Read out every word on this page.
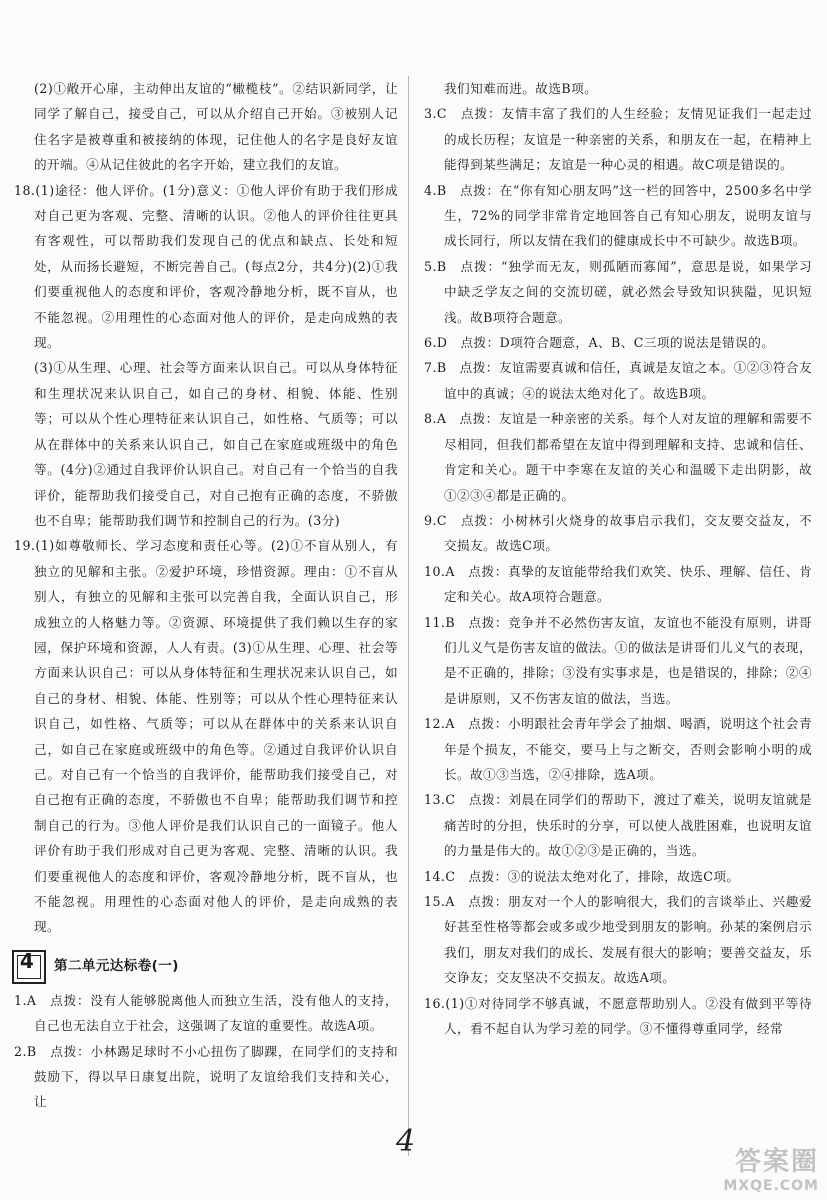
(2)①敞开心扉，主动伸出友谊的“橄榄枝”。②结识新同学，让同学了解自己，接受自己，可以从介绍自己开始。③被别人记住名字是被尊重和被接纳的体现，记住他人的名字是良好友谊的开端。④从记住彼此的名字开始，建立我们的友谊。

18.(1)途径：他人评价。(1分)意义：①他人评价有助于我们形成对自己更为客观、完整、清晰的认识。②他人的评价往往更具有客观性，可以帮助我们发现自己的优点和缺点、长处和短处，从而扬长避短，不断完善自己。(每点2分，共4分)(2)①我们要重视他人的态度和评价，客观冷静地分析，既不盲从，也不能忽视。②用理性的心态面对他人的评价，是走向成熟的表现。

(3)①从生理、心理、社会等方面来认识自己。可以从身体特征和生理状况来认识自己，如自己的身材、相貌、体能、性别等；可以从个性心理特征来认识自己，如性格、气质等；可以从在群体中的关系来认识自己，如自己在家庭或班级中的角色等。(4分)②通过自我评价认识自己。对自己有一个恰当的自我评价，能帮助我们接受自己，对自己抱有正确的态度，不骄傲也不自卑；能帮助我们调节和控制自己的行为。(3分)

19.(1)如尊敬师长、学习态度和责任心等。(2)①不盲从别人，有独立的见解和主张。②爱护环境，珍惜资源。理由：①不盲从别人，有独立的见解和主张可以完善自我，全面认识自己，形成独立的人格魅力等。②资源、环境提供了我们赖以生存的家园，保护环境和资源，人人有责。(3)①从生理、心理、社会等方面来认识自己：可以从身体特征和生理状况来认识自己，如自己的身材、相貌、体能、性别等；可以从个性心理特征来认识自己，如性格、气质等；可以从在群体中的关系来认识自己，如自己在家庭或班级中的角色等。②通过自我评价认识自己。对自己有一个恰当的自我评价，能帮助我们接受自己，对自己抱有正确的态度，不骄傲也不自卑；能帮助我们调节和控制自己的行为。③他人评价是我们认识自己的一面镜子。他人评价有助于我们形成对自己更为客观、完整、清晰的认识。我们要重视他人的态度和评价，客观冷静地分析，既不盲从，也不能忽视。用理性的心态面对他人的评价，是走向成熟的表现。

4	第二单元达标卷(一)

1.A　点拨：没有人能够脱离他人而独立生活，没有他人的支持，自己也无法自立于社会，这强调了友谊的重要性。故选A项。

2.B　点拨：小林踢足球时不小心扭伤了脚踝，在同学们的支持和鼓励下，得以早日康复出院，说明了友谊给我们支持和关心，让

我们知难而进。故选B项。

3.C　点拨：友情丰富了我们的人生经验；友情见证我们一起走过的成长历程；友谊是一种亲密的关系，和朋友在一起，在精神上能得到某些满足；友谊是一种心灵的相遇。故C项是错误的。

4.B　点拨：在“你有知心朋友吗”这一栏的回答中，2500多名中学生，72%的同学非常肯定地回答自己有知心朋友，说明友谊与成长同行，所以友情在我们的健康成长中不可缺少。故选B项。

5.B　点拨：“独学而无友，则孤陋而寡闻”，意思是说，如果学习中缺乏学友之间的交流切磋，就必然会导致知识狭隘，见识短浅。故B项符合题意。

6.D　点拨：D项符合题意，A、B、C三项的说法是错误的。

7.B　点拨：友谊需要真诚和信任，真诚是友谊之本。①②③符合友谊中的真诚；④的说法太绝对化了。故选B项。

8.A　点拨：友谊是一种亲密的关系。每个人对友谊的理解和需要不尽相同，但我们都希望在友谊中得到理解和支持、忠诚和信任、肯定和关心。题干中李寒在友谊的关心和温暖下走出阴影，故①②③④都是正确的。

9.C　点拨：小树林引火烧身的故事启示我们，交友要交益友，不交损友。故选C项。

10.A　点拨：真挚的友谊能带给我们欢笑、快乐、理解、信任、肯定和关心。故A项符合题意。

11.B　点拨：竞争并不必然伤害友谊，友谊也不能没有原则，讲哥们儿义气是伤害友谊的做法。①的做法是讲哥们儿义气的表现，是不正确的，排除；③没有实事求是，也是错误的，排除；②④是讲原则，又不伤害友谊的做法，当选。

12.A　点拨：小明跟社会青年学会了抽烟、喝酒，说明这个社会青年是个损友，不能交，要马上与之断交，否则会影响小明的成长。故①③当选，②④排除，选A项。

13.C　点拨：刘晨在同学们的帮助下，渡过了难关，说明友谊就是痛苦时的分担，快乐时的分享，可以使人战胜困难，也说明友谊的力量是伟大的。故①②③是正确的，当选。

14.C　点拨：③的说法太绝对化了，排除，故选C项。

15.A　点拨：朋友对一个人的影响很大，我们的言谈举止、兴趣爱好甚至性格等都会或多或少地受到朋友的影响。孙某的案例启示我们，朋友对我们的成长、发展有很大的影响；要善交益友，乐交诤友；交友坚决不交损友。故选A项。

16.(1)①对待同学不够真诚，不愿意帮助别人。②没有做到平等待人，看不起自认为学习差的同学。③不懂得尊重同学，经常

4
答案圈
MXQE.COM
